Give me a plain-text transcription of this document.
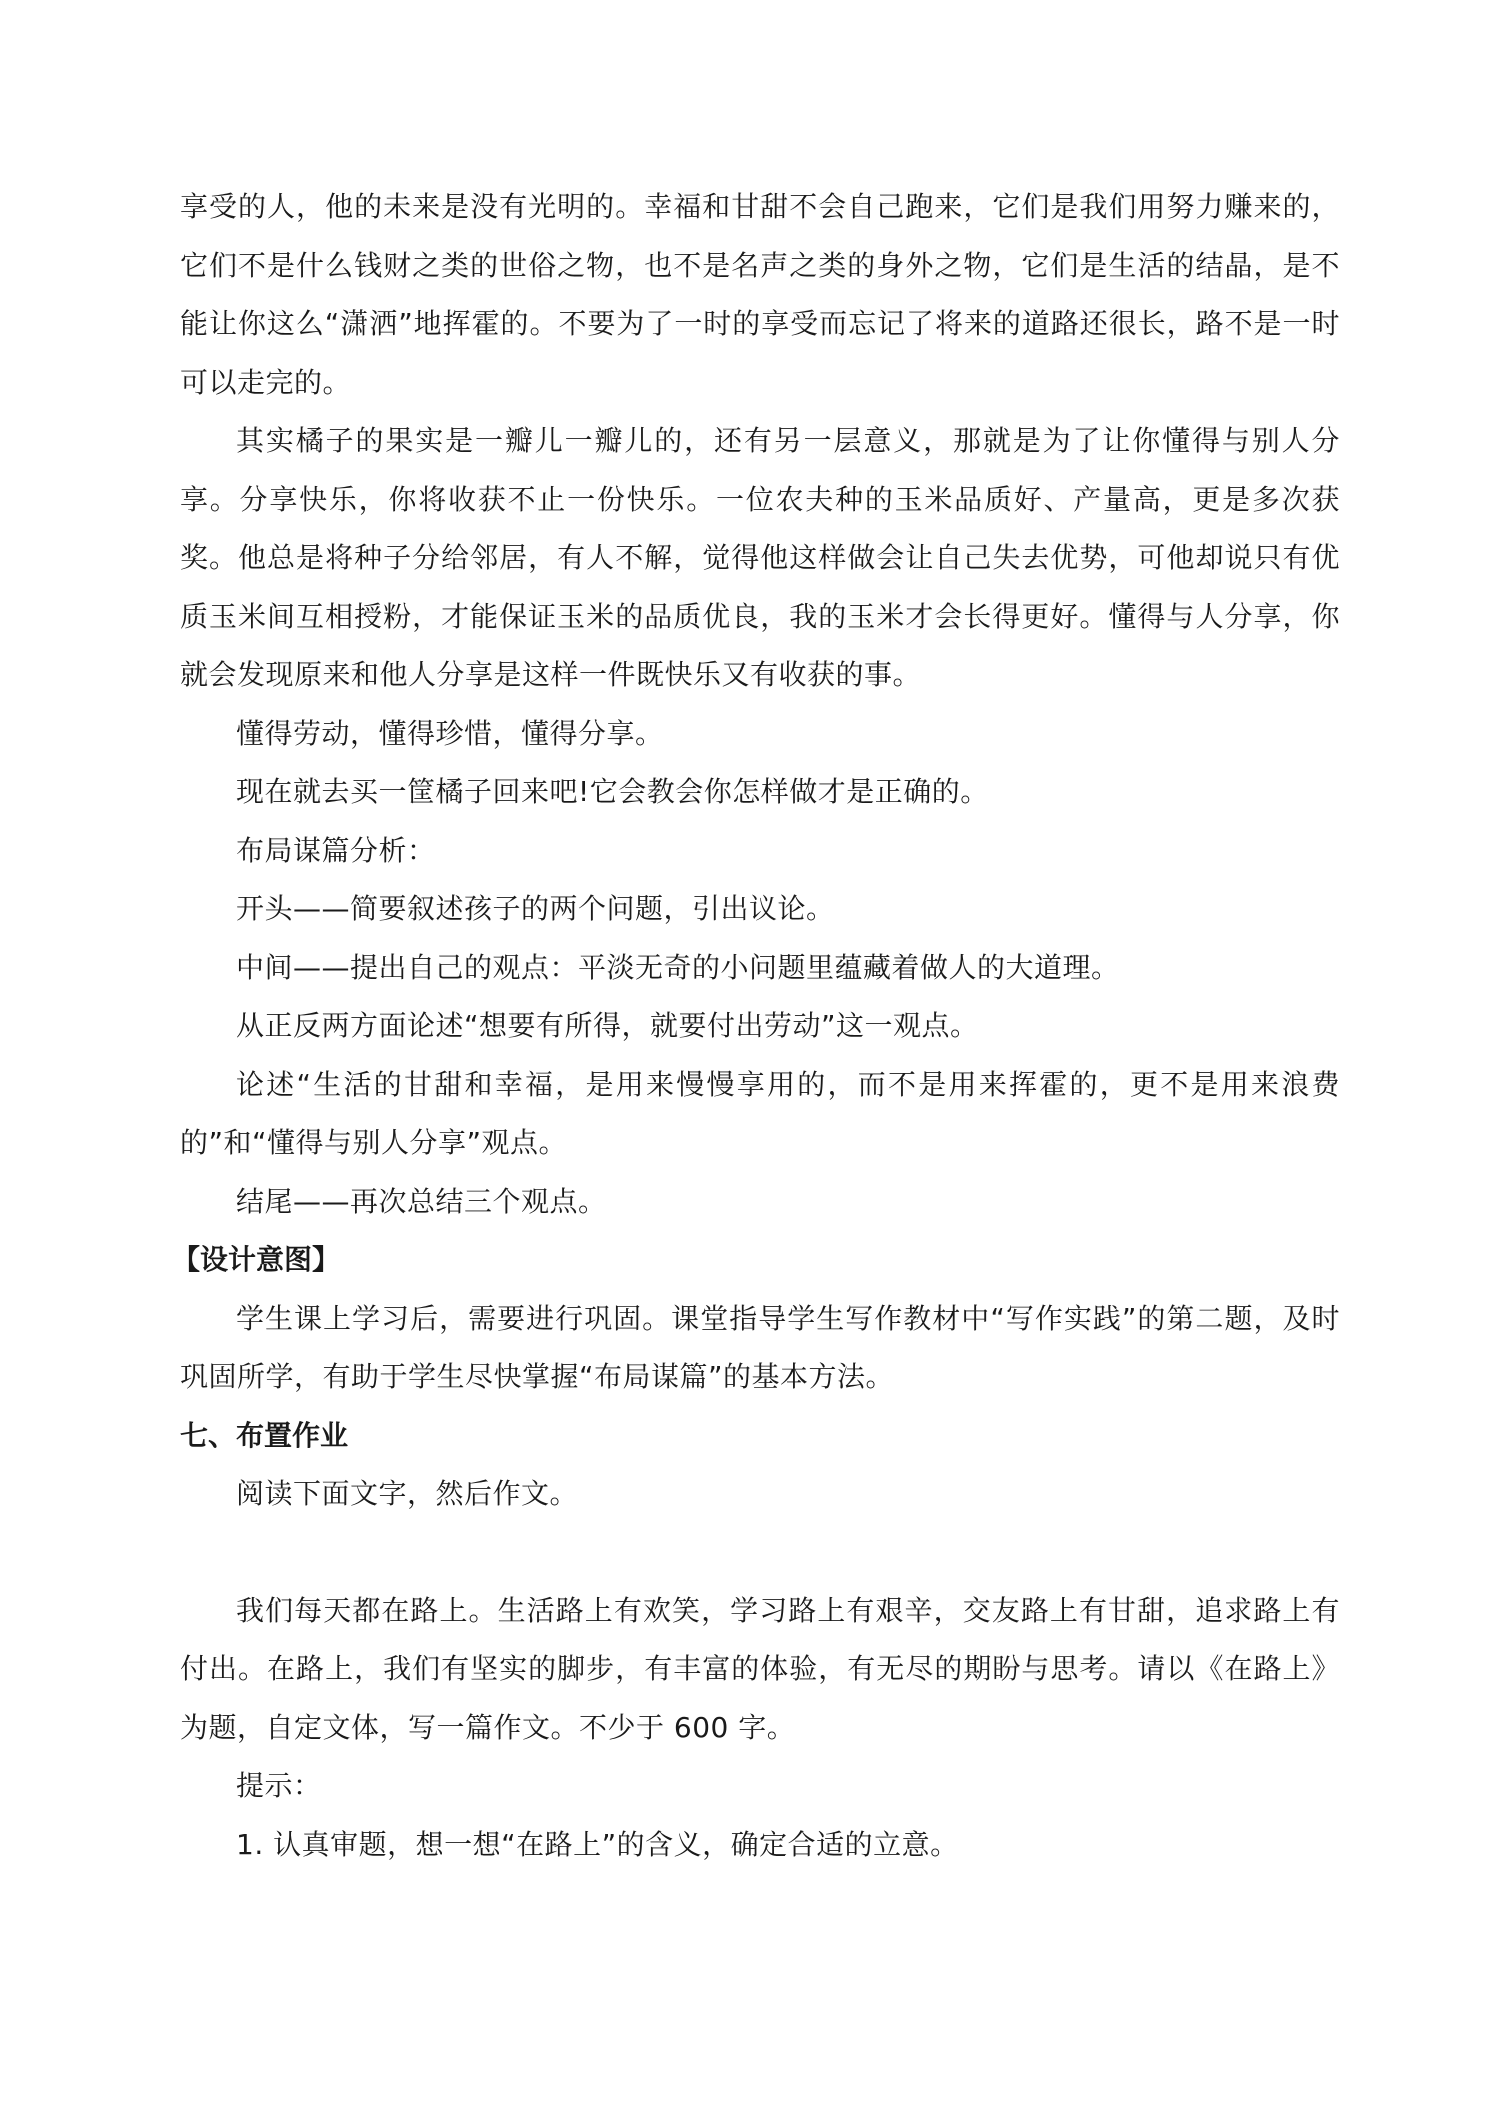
享受的人，他的未来是没有光明的。幸福和甘甜不会自己跑来，它们是我们用努力赚来的，它们不是什么钱财之类的世俗之物，也不是名声之类的身外之物，它们是生活的结晶，是不能让你这么“潇洒”地挥霍的。不要为了一时的享受而忘记了将来的道路还很长，路不是一时可以走完的。

其实橘子的果实是一瓣儿一瓣儿的，还有另一层意义，那就是为了让你懂得与别人分享。分享快乐，你将收获不止一份快乐。一位农夫种的玉米品质好、产量高，更是多次获奖。他总是将种子分给邻居，有人不解，觉得他这样做会让自己失去优势，可他却说只有优质玉米间互相授粉，才能保证玉米的品质优良，我的玉米才会长得更好。懂得与人分享，你就会发现原来和他人分享是这样一件既快乐又有收获的事。

懂得劳动，懂得珍惜，懂得分享。

现在就去买一筐橘子回来吧!它会教会你怎样做才是正确的。

布局谋篇分析：

开头——简要叙述孩子的两个问题，引出议论。

中间——提出自己的观点：平淡无奇的小问题里蕴藏着做人的大道理。

从正反两方面论述“想要有所得，就要付出劳动”这一观点。

论述“生活的甘甜和幸福，是用来慢慢享用的，而不是用来挥霍的，更不是用来浪费的”和“懂得与别人分享”观点。

结尾——再次总结三个观点。

【设计意图】

学生课上学习后，需要进行巩固。课堂指导学生写作教材中“写作实践”的第二题，及时巩固所学，有助于学生尽快掌握“布局谋篇”的基本方法。

七、布置作业

阅读下面文字，然后作文。

我们每天都在路上。生活路上有欢笑，学习路上有艰辛，交友路上有甘甜，追求路上有付出。在路上，我们有坚实的脚步，有丰富的体验，有无尽的期盼与思考。请以《在路上》为题，自定文体，写一篇作文。不少于 600 字。

提示：

1. 认真审题，想一想“在路上”的含义，确定合适的立意。
